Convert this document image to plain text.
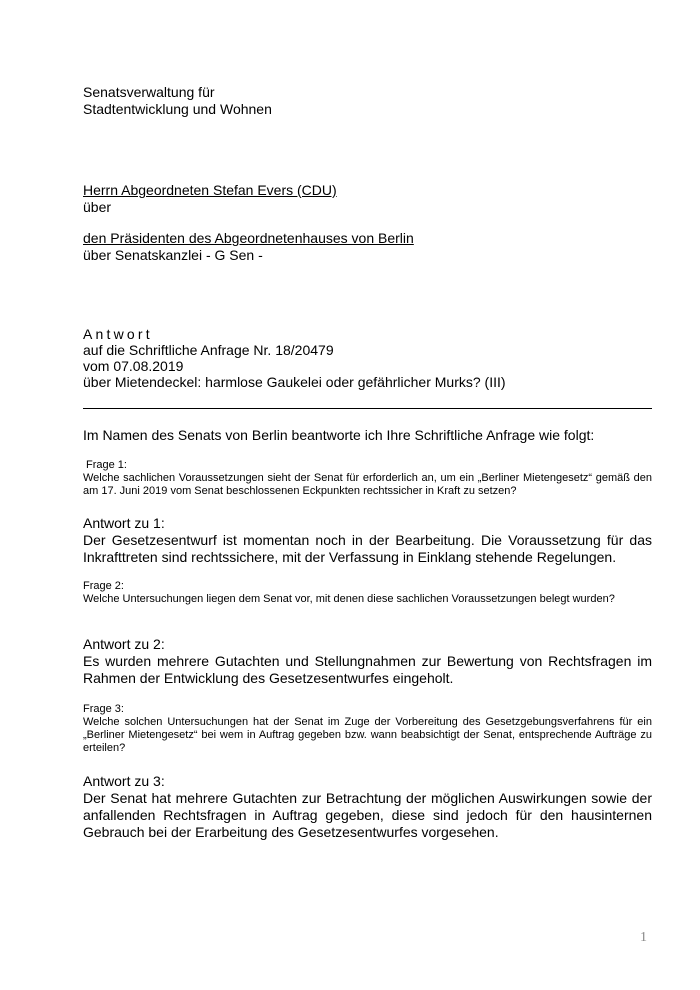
Senatsverwaltung für
Stadtentwicklung und Wohnen
Herrn Abgeordneten Stefan Evers (CDU)
über
den Präsidenten des Abgeordnetenhauses von Berlin
über Senatskanzlei - G Sen -
Antwort
auf die Schriftliche Anfrage Nr. 18/20479
vom 07.08.2019
über Mietendeckel: harmlose Gaukelei oder gefährlicher Murks? (III)
Im Namen des Senats von Berlin beantworte ich Ihre Schriftliche Anfrage wie folgt:
Frage 1:
Welche sachlichen Voraussetzungen sieht der Senat für erforderlich an, um ein „Berliner Mietengesetz“ gemäß den am 17. Juni 2019 vom Senat beschlossenen Eckpunkten rechtssicher in Kraft zu setzen?
Antwort zu 1:
Der Gesetzesentwurf ist momentan noch in der Bearbeitung. Die Voraussetzung für das Inkrafttreten sind rechtssichere, mit der Verfassung in Einklang stehende Regelungen.
Frage 2:
Welche Untersuchungen liegen dem Senat vor, mit denen diese sachlichen Voraussetzungen belegt wurden?
Antwort zu 2:
Es wurden mehrere Gutachten und Stellungnahmen zur Bewertung von Rechtsfragen im Rahmen der Entwicklung des Gesetzesentwurfes eingeholt.
Frage 3:
Welche solchen Untersuchungen hat der Senat im Zuge der Vorbereitung des Gesetzgebungsverfahrens für ein „Berliner Mietengesetz“ bei wem in Auftrag gegeben bzw. wann beabsichtigt der Senat, entsprechende Aufträge zu erteilen?
Antwort zu 3:
Der Senat hat mehrere Gutachten zur Betrachtung der möglichen Auswirkungen sowie der anfallenden Rechtsfragen in Auftrag gegeben, diese sind jedoch für den hausinternen Gebrauch bei der Erarbeitung des Gesetzesentwurfes vorgesehen.
1
